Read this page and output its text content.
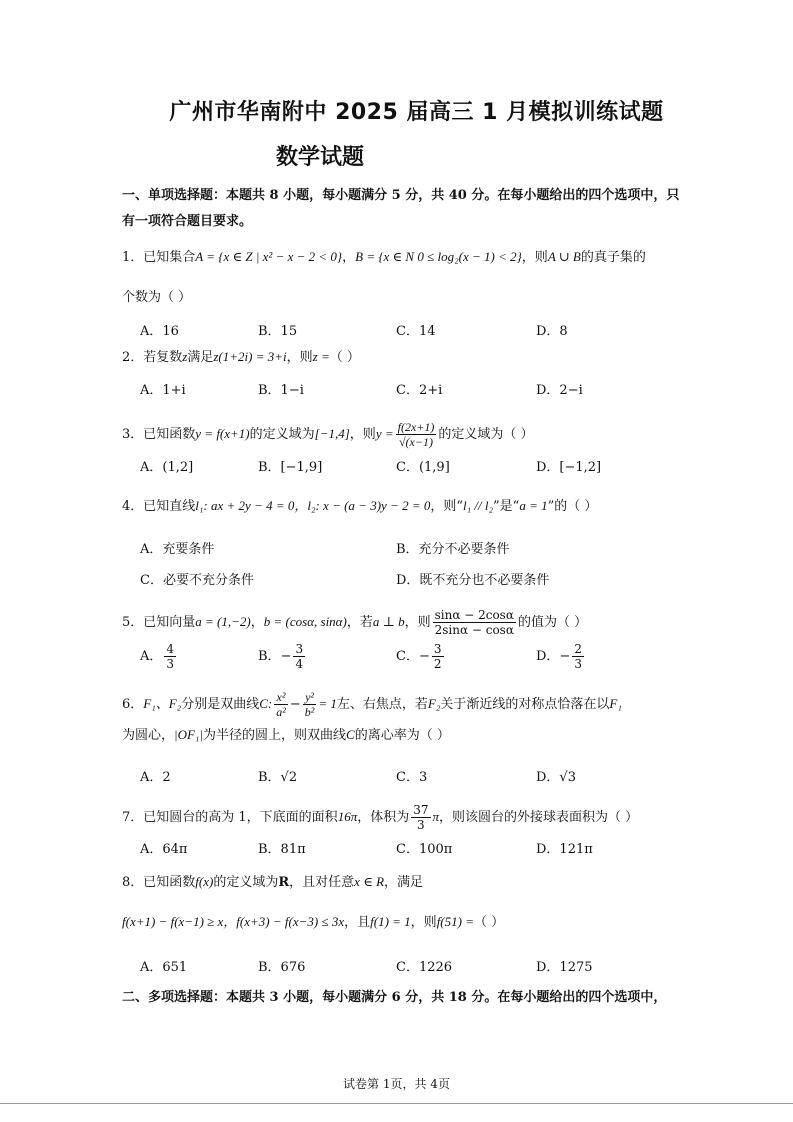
广州市华南附中 2025 届高三 1 月模拟训练试题
数学试题
一、单项选择题：本题共 8 小题，每小题满分 5 分，共 40 分。在每小题给出的四个选项中，只有一项符合题目要求。
1．已知集合A = {x ∈ Z | x² − x − 2 < 0}，B = {x ∈ N 0 ≤ log₂(x − 1) < 2}，则A ∪ B的真子集的
个数为（ ）
A．16	B．15	C．14	D．8
2．若复数z满足z(1+2i) = 3+i，则z =（ ）
A．1+i	B．1−i	C．2+i	D．2−i
3．已知函数y = f(x+1)的定义域为[−1,4]，则$y = \frac{f(2x+1)}{√(x-1)}$ 的定义域为（ ）
A．(1,2]	B．[−1,9]	C．(1,9]	D．[−1,2]
4．已知直线l₁: ax + 2y − 4 = 0，l₂: x − (a − 3)y − 2 = 0，则“l₁ // l₂”是“a = 1”的（ ）
A．充要条件	B．充分不必要条件
C．必要不充分条件	D．既不充分也不必要条件
5．已知向量a = (1,−2)，b = (cosα, sinα)，若a ⊥ b，则 $\frac{\sin\alpha - 2\cos\alpha}{2\sin\alpha - \cos\alpha}$ 的值为（ ）
A． $\frac{4}{3}$	B．− $\frac{3}{4}$	C．− $\frac{3}{2}$	D．− $\frac{2}{3}$
6．F₁、F₂分别是双曲线C: $\frac{\text{x²}}{\text{a²}} - \frac{\text{y²}}{\text{b²}} = 1$左、右焦点，若F₂关于渐近线的对称点恰落在以F₁
为圆心，|OF₁|为半径的圆上，则双曲线C的离心率为（ ）
A．2	B．√2	C．3	D．√3
7．已知圆台的高为 1，下底面的面积16π，体积为 $\frac{37}{3}$ π，则该圆台的外接球表面积为（ ）
A．64π	B．81π	C．100π	D．121π
8．已知函数f(x)的定义域为R，且对任意x ∈ R，满足
f(x+1) − f(x−1) ≥ x，f(x+3) − f(x−3) ≤ 3x，且f(1) = 1，则f(51) =（ ）
A．651	B．676	C．1226	D．1275
二、多项选择题：本题共 3 小题，每小题满分 6 分，共 18 分。在每小题给出的四个选项中，
试卷第 1页，共 4页
